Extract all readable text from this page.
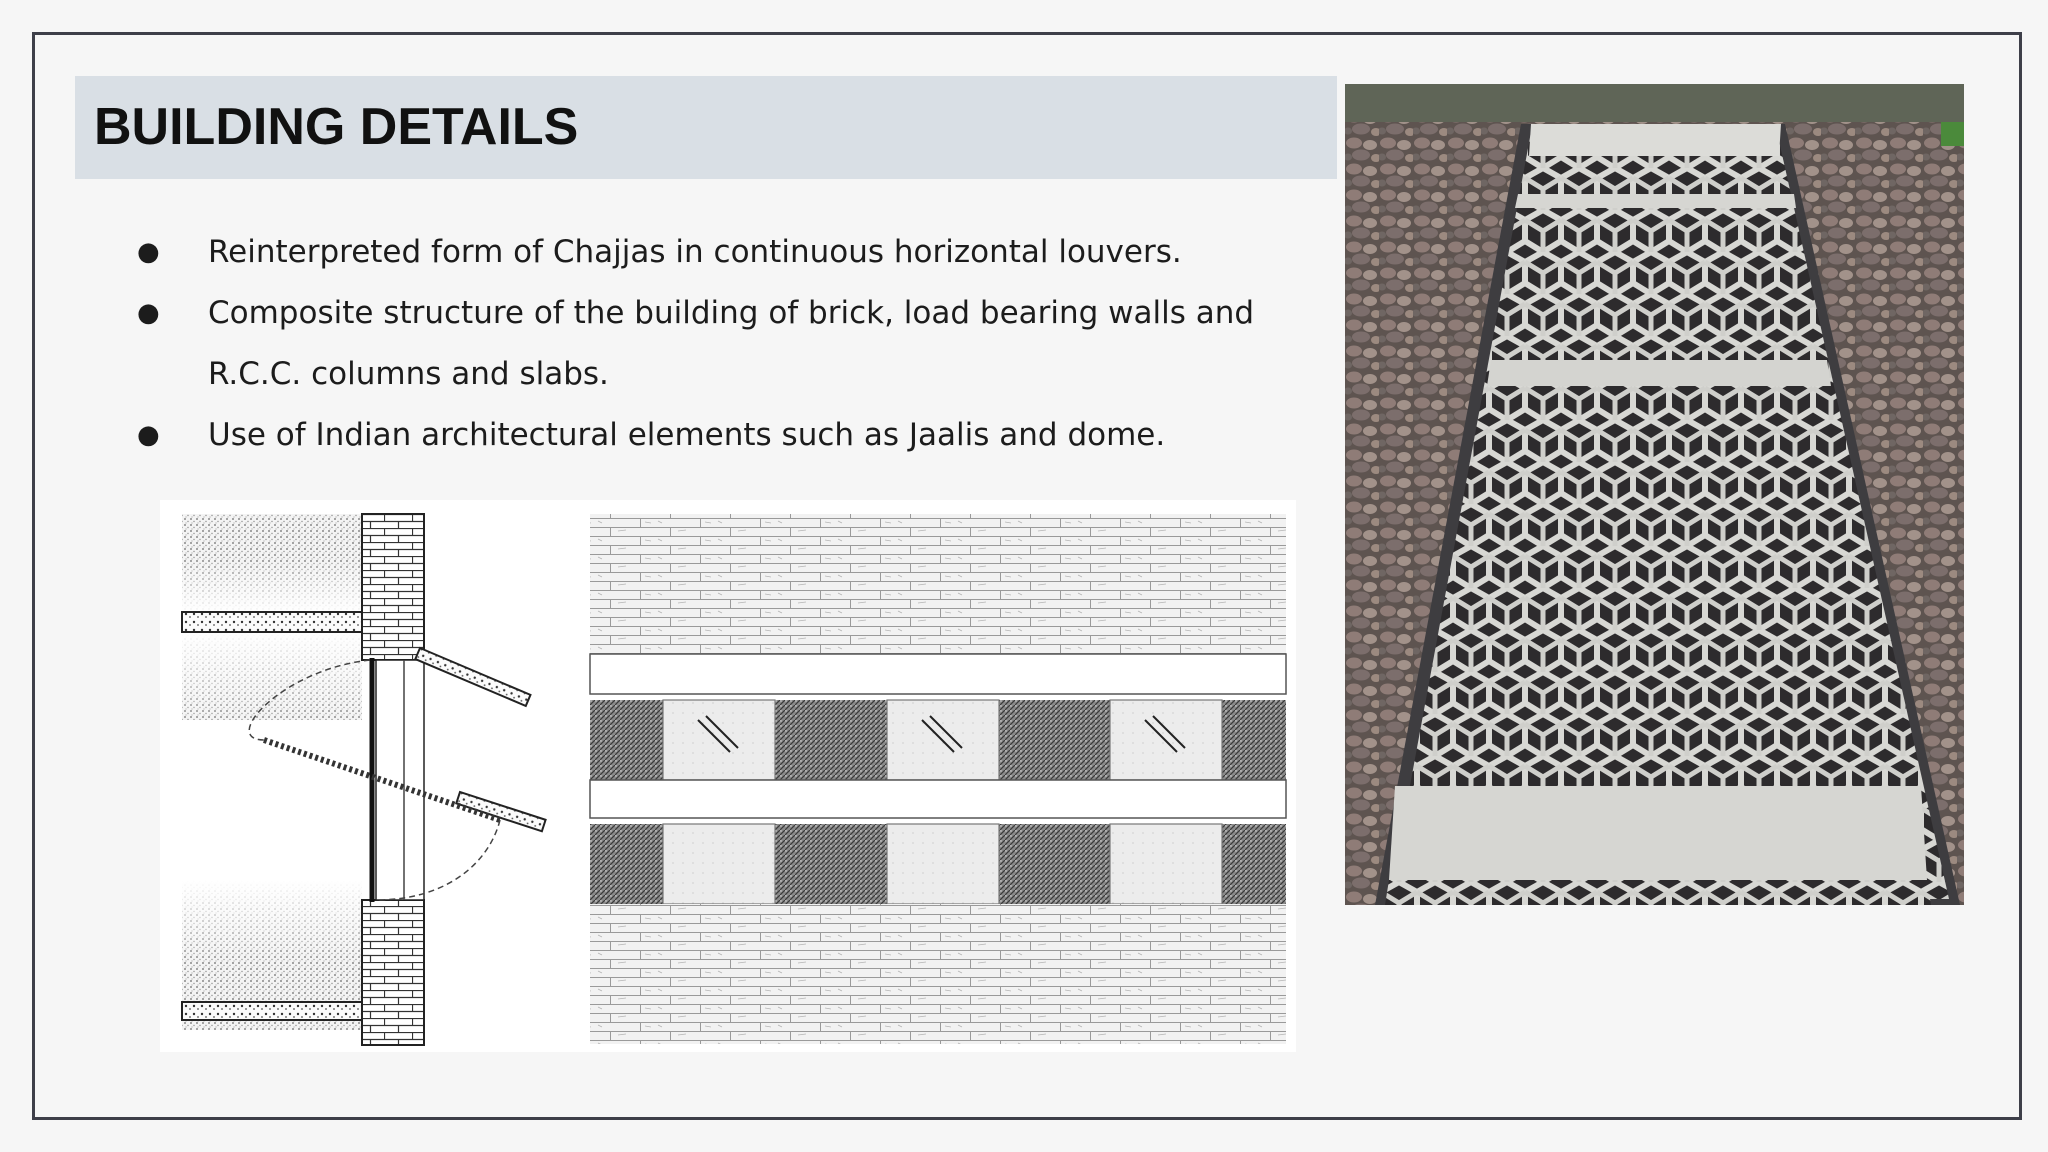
BUILDING DETAILS
● Reinterpreted form of Chajjas in continuous horizontal louvers.
● Composite structure of the building of brick, load bearing walls and R.C.C. columns and slabs.
● Use of Indian architectural elements such as Jaalis and dome.
